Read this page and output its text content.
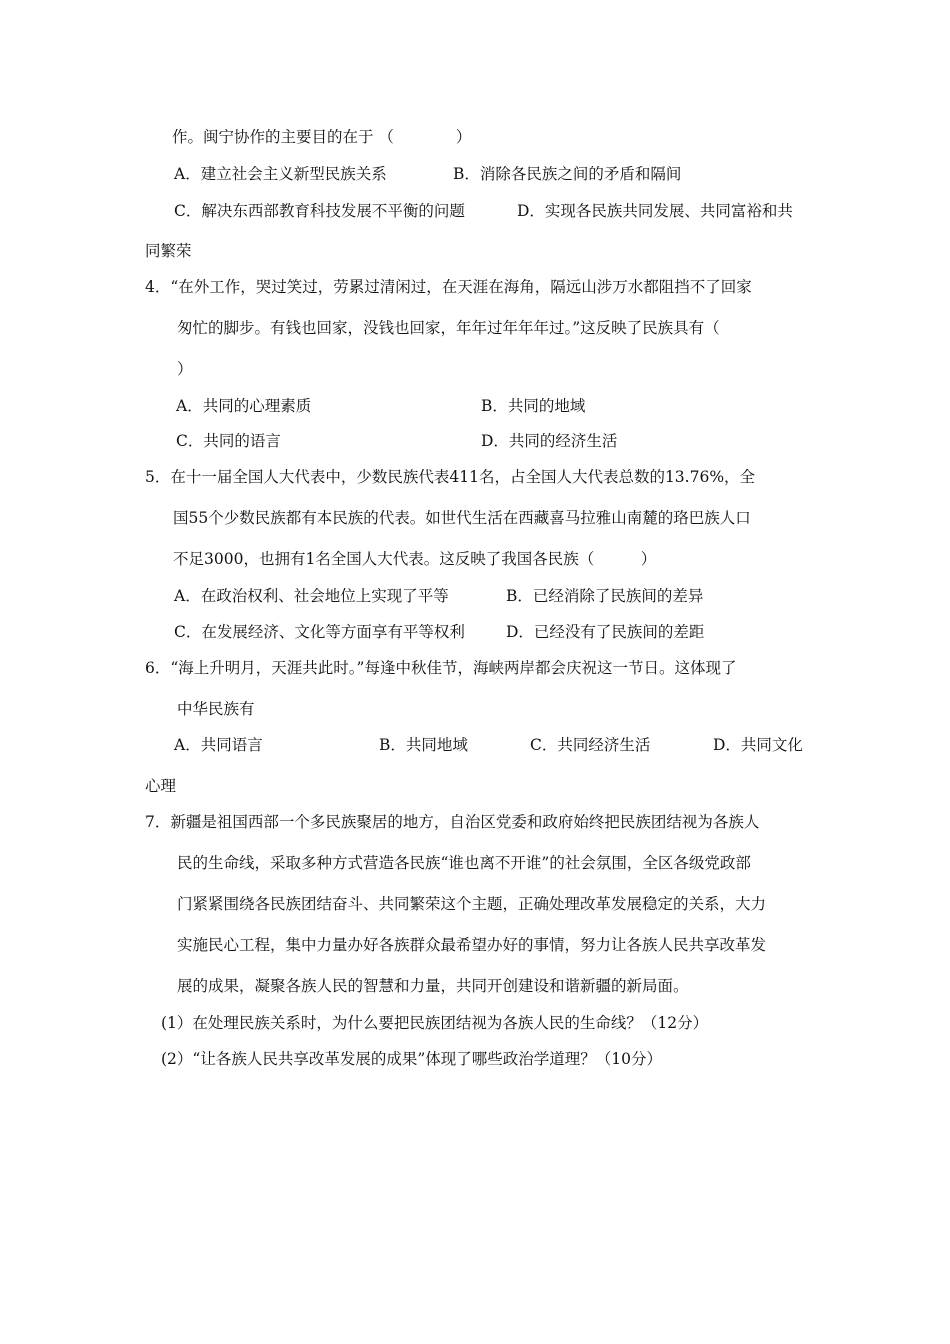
作。闽宁协作的主要目的在于 （　　　　）
A．建立社会主义新型民族关系	B．消除各民族之间的矛盾和隔间
C．解决东西部教育科技发展不平衡的问题	D．实现各民族共同发展、共同富裕和共
同繁荣
4．“在外工作，哭过笑过，劳累过清闲过，在天涯在海角，隔远山涉万水都阻挡不了回家
匆忙的脚步。有钱也回家，没钱也回家，年年过年年年过。”这反映了民族具有（
）
A．共同的心理素质	B．共同的地域
C．共同的语言	D．共同的经济生活
5．在十一届全国人大代表中，少数民族代表411名，占全国人大代表总数的13.76%，全
国55个少数民族都有本民族的代表。如世代生活在西藏喜马拉雅山南麓的珞巴族人口
不足3000，也拥有1名全国人大代表。这反映了我国各民族（　　　）
A．在政治权利、社会地位上实现了平等	B．已经消除了民族间的差异
C．在发展经济、文化等方面享有平等权利	D．已经没有了民族间的差距
6．“海上升明月，天涯共此时。”每逢中秋佳节，海峡两岸都会庆祝这一节日。这体现了
中华民族有
A．共同语言	B．共同地域	C．共同经济生活	D．共同文化
心理
7．新疆是祖国西部一个多民族聚居的地方，自治区党委和政府始终把民族团结视为各族人
民的生命线，采取多种方式营造各民族“谁也离不开谁”的社会氛围，全区各级党政部
门紧紧围绕各民族团结奋斗、共同繁荣这个主题，正确处理改革发展稳定的关系，大力
实施民心工程，集中力量办好各族群众最希望办好的事情，努力让各族人民共享改革发
展的成果，凝聚各族人民的智慧和力量，共同开创建设和谐新疆的新局面。
(1）在处理民族关系时，为什么要把民族团结视为各族人民的生命线？（12分）
(2）“让各族人民共享改革发展的成果”体现了哪些政治学道理？（10分）
